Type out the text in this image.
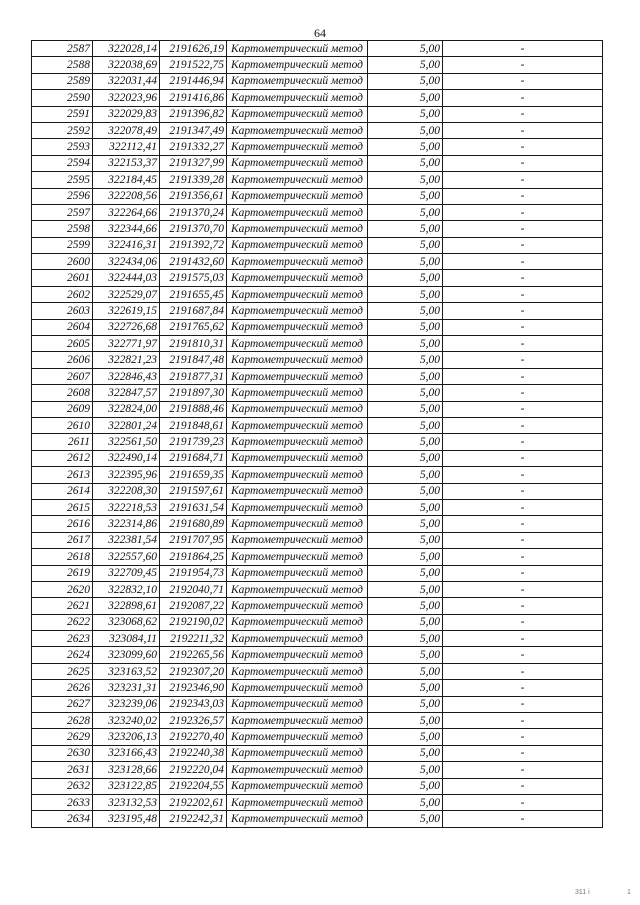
64
2587	322028,14	2191626,19	Картометрический метод	5,00	-
2588	322038,69	2191522,75	Картометрический метод	5,00	-
2589	322031,44	2191446,94	Картометрический метод	5,00	-
2590	322023,96	2191416,86	Картометрический метод	5,00	-
2591	322029,83	2191396,82	Картометрический метод	5,00	-
2592	322078,49	2191347,49	Картометрический метод	5,00	-
2593	322112,41	2191332,27	Картометрический метод	5,00	-
2594	322153,37	2191327,99	Картометрический метод	5,00	-
2595	322184,45	2191339,28	Картометрический метод	5,00	-
2596	322208,56	2191356,61	Картометрический метод	5,00	-
2597	322264,66	2191370,24	Картометрический метод	5,00	-
2598	322344,66	2191370,70	Картометрический метод	5,00	-
2599	322416,31	2191392,72	Картометрический метод	5,00	-
2600	322434,06	2191432,60	Картометрический метод	5,00	-
2601	322444,03	2191575,03	Картометрический метод	5,00	-
2602	322529,07	2191655,45	Картометрический метод	5,00	-
2603	322619,15	2191687,84	Картометрический метод	5,00	-
2604	322726,68	2191765,62	Картометрический метод	5,00	-
2605	322771,97	2191810,31	Картометрический метод	5,00	-
2606	322821,23	2191847,48	Картометрический метод	5,00	-
2607	322846,43	2191877,31	Картометрический метод	5,00	-
2608	322847,57	2191897,30	Картометрический метод	5,00	-
2609	322824,00	2191888,46	Картометрический метод	5,00	-
2610	322801,24	2191848,61	Картометрический метод	5,00	-
2611	322561,50	2191739,23	Картометрический метод	5,00	-
2612	322490,14	2191684,71	Картометрический метод	5,00	-
2613	322395,96	2191659,35	Картометрический метод	5,00	-
2614	322208,30	2191597,61	Картометрический метод	5,00	-
2615	322218,53	2191631,54	Картометрический метод	5,00	-
2616	322314,86	2191680,89	Картометрический метод	5,00	-
2617	322381,54	2191707,95	Картометрический метод	5,00	-
2618	322557,60	2191864,25	Картометрический метод	5,00	-
2619	322709,45	2191954,73	Картометрический метод	5,00	-
2620	322832,10	2192040,71	Картометрический метод	5,00	-
2621	322898,61	2192087,22	Картометрический метод	5,00	-
2622	323068,62	2192190,02	Картометрический метод	5,00	-
2623	323084,11	2192211,32	Картометрический метод	5,00	-
2624	323099,60	2192265,56	Картометрический метод	5,00	-
2625	323163,52	2192307,20	Картометрический метод	5,00	-
2626	323231,31	2192346,90	Картометрический метод	5,00	-
2627	323239,06	2192343,03	Картометрический метод	5,00	-
2628	323240,02	2192326,57	Картометрический метод	5,00	-
2629	323206,13	2192270,40	Картометрический метод	5,00	-
2630	323166,43	2192240,38	Картометрический метод	5,00	-
2631	323128,66	2192220,04	Картометрический метод	5,00	-
2632	323122,85	2192204,55	Картометрический метод	5,00	-
2633	323132,53	2192202,61	Картометрический метод	5,00	-
2634	323195,48	2192242,31	Картометрический метод	5,00	-
311 i	1
